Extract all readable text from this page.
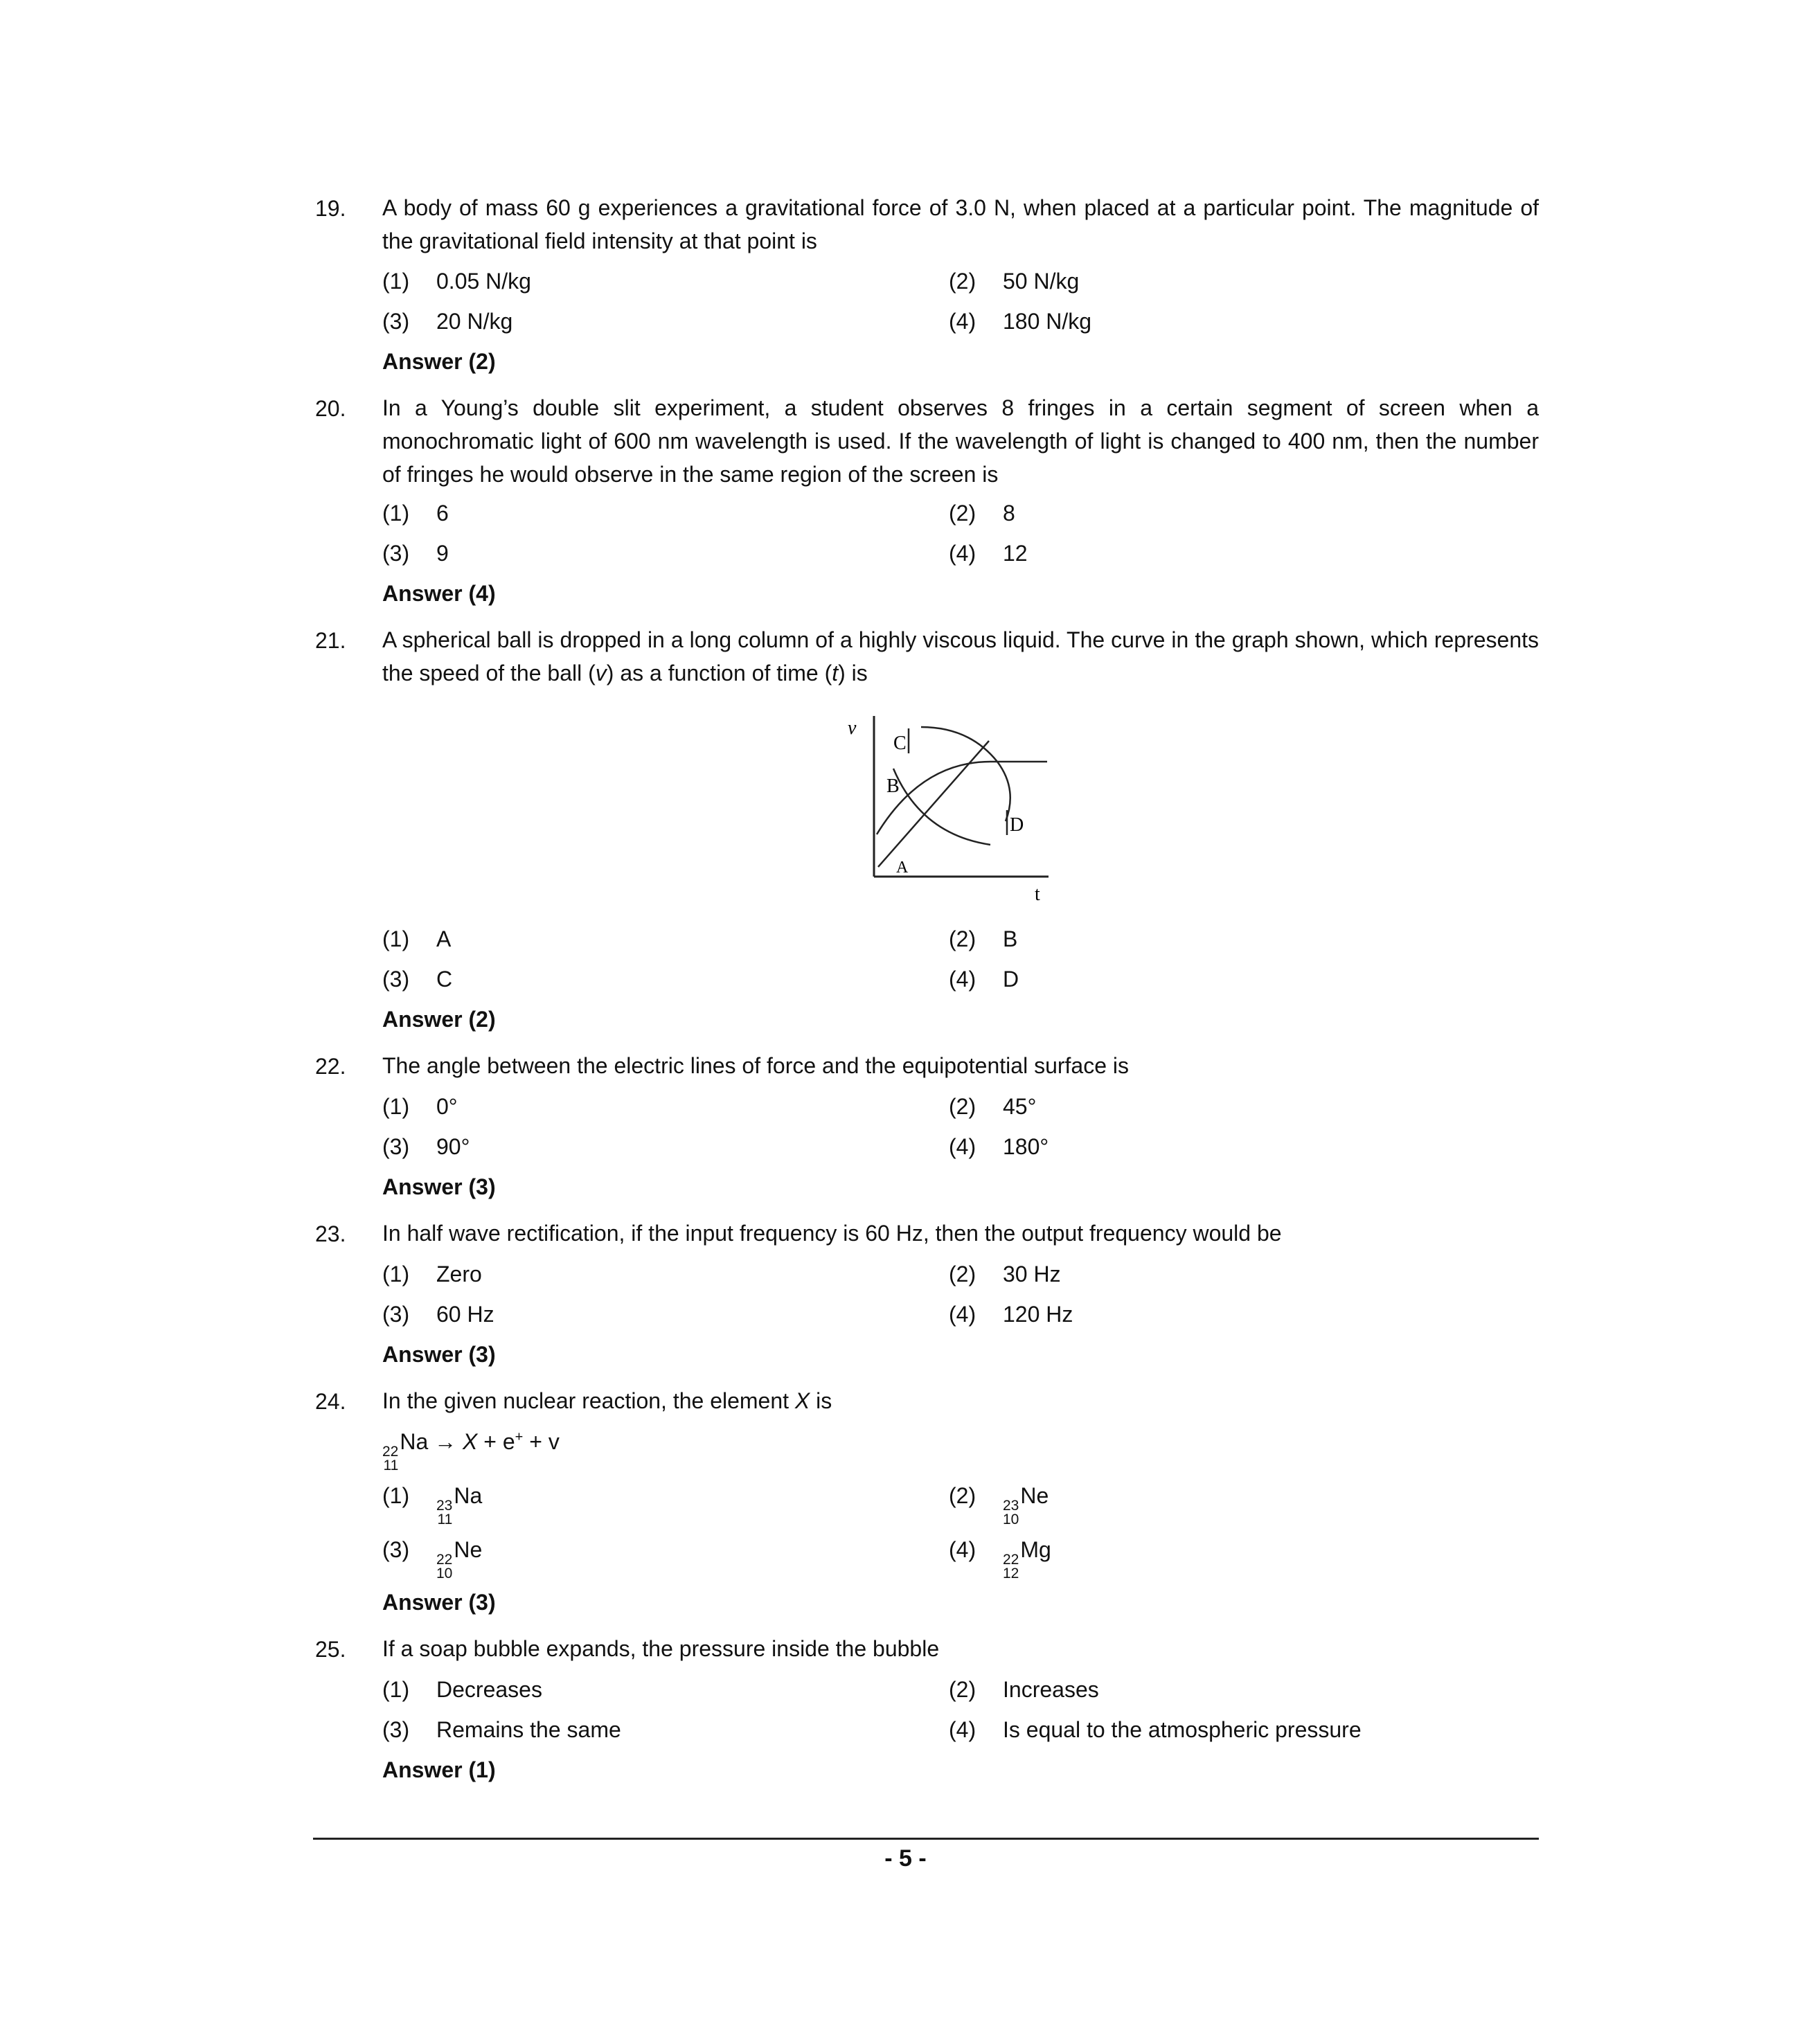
19. A body of mass 60 g experiences a gravitational force of 3.0 N, when placed at a particular point. The magnitude of the gravitational field intensity at that point is
(1) 0.05 N/kg	(2) 50 N/kg
(3) 20 N/kg	(4) 180 N/kg
Answer (2)
20. In a Young’s double slit experiment, a student observes 8 fringes in a certain segment of screen when a monochromatic light of 600 nm wavelength is used. If the wavelength of light is changed to 400 nm, then the number of fringes he would observe in the same region of the screen is
(1) 6	(2) 8
(3) 9	(4) 12
Answer (4)
21. A spherical ball is dropped in a long column of a highly viscous liquid. The curve in the graph shown, which represents the speed of the ball (v) as a function of time (t) is
v
t
B
C
D
A
(1) A	(2) B
(3) C	(4) D
Answer (2)
22. The angle between the electric lines of force and the equipotential surface is
(1) 0°	(2) 45°
(3) 90°	(4) 180°
Answer (3)
23. In half wave rectification, if the input frequency is 60 Hz, then the output frequency would be
(1) Zero	(2) 30 Hz
(3) 60 Hz	(4) 120 Hz
Answer (3)
24. In the given nuclear reaction, the element X is
22
11
Na → X + e+ + v
(1) 23
11
Na	(2) 23
10
Ne
(3) 22
10
Ne	(4) 22
12
Mg
Answer (3)
25. If a soap bubble expands, the pressure inside the bubble
(1) Decreases	(2) Increases
(3) Remains the same	(4) Is equal to the atmospheric pressure
Answer (1)
- 5 -
